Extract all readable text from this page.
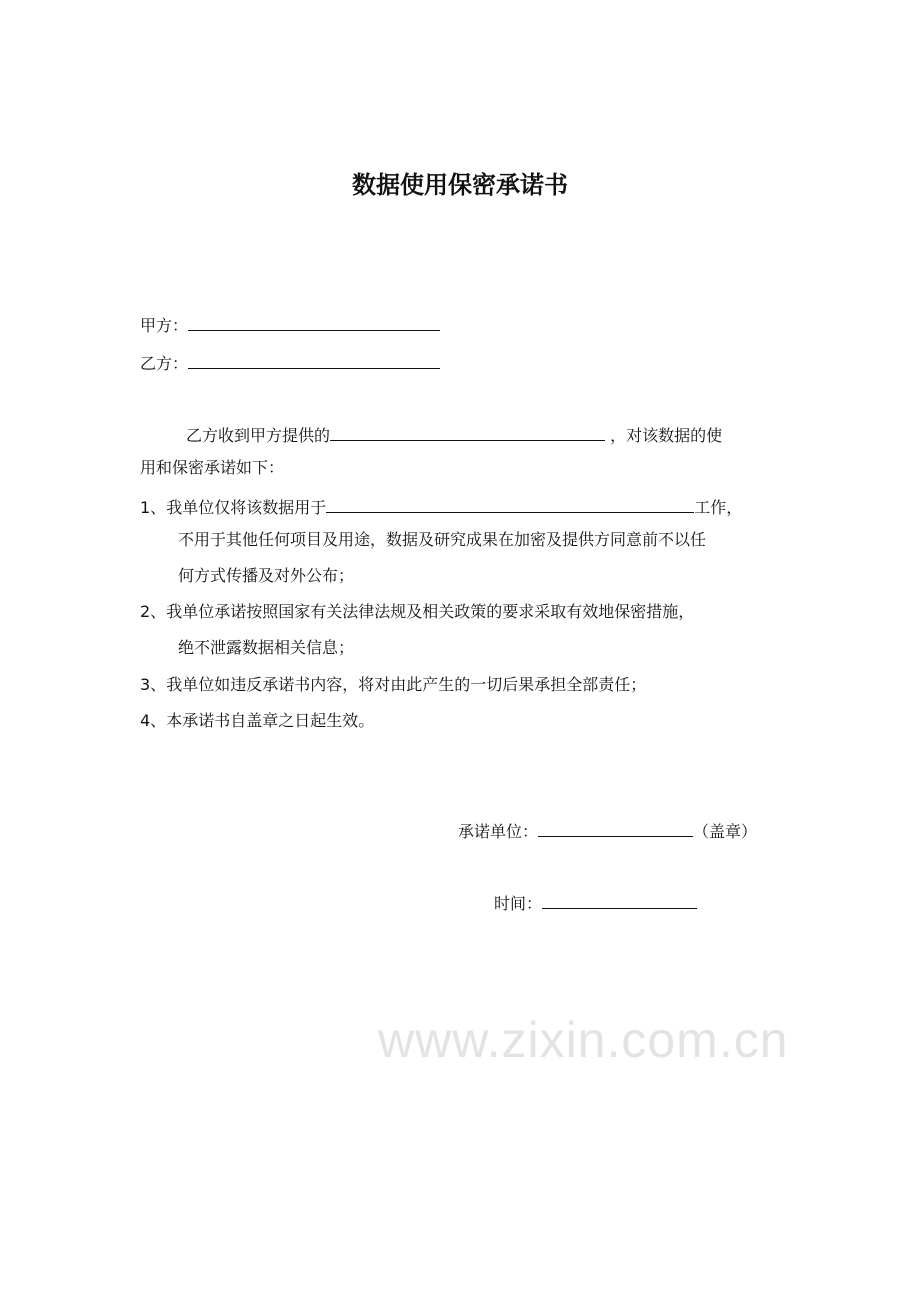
www.zixin.com.cn
数据使用保密承诺书
甲方：
乙方：
乙方收到甲方提供的	，对该数据的使
用和保密承诺如下：
1、我单位仅将该数据用于	工作，
不用于其他任何项目及用途，数据及研究成果在加密及提供方同意前不以任
何方式传播及对外公布；
2、我单位承诺按照国家有关法律法规及相关政策的要求采取有效地保密措施，
绝不泄露数据相关信息；
3、我单位如违反承诺书内容，将对由此产生的一切后果承担全部责任；
4、本承诺书自盖章之日起生效。
承诺单位：	（盖章）
时间：
